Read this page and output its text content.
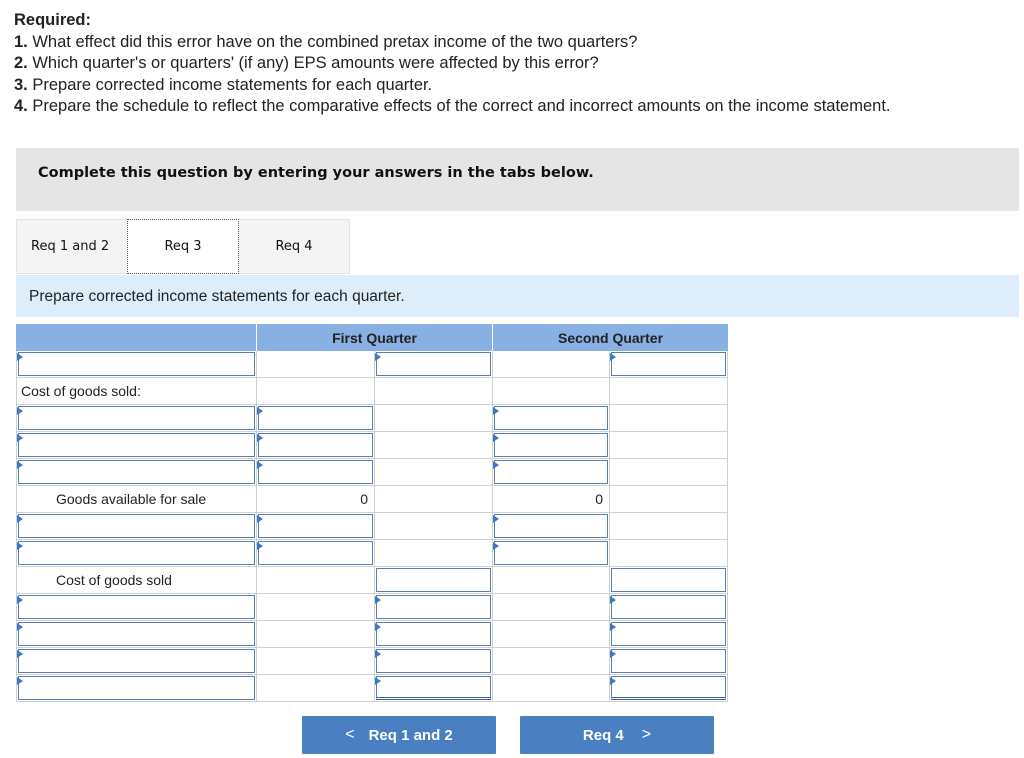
Required:
1. What effect did this error have on the combined pretax income of the two quarters?
2. Which quarter's or quarters' (if any) EPS amounts were affected by this error?
3. Prepare corrected income statements for each quarter.
4. Prepare the schedule to reflect the comparative effects of the correct and incorrect amounts on the income statement.
Complete this question by entering your answers in the tabs below.
Req 1 and 2	Req 3	Req 4
Prepare corrected income statements for each quarter.
First Quarter	Second Quarter
Cost of goods sold:
Goods available for sale	0	0
Cost of goods sold
< Req 1 and 2	Req 4 >
